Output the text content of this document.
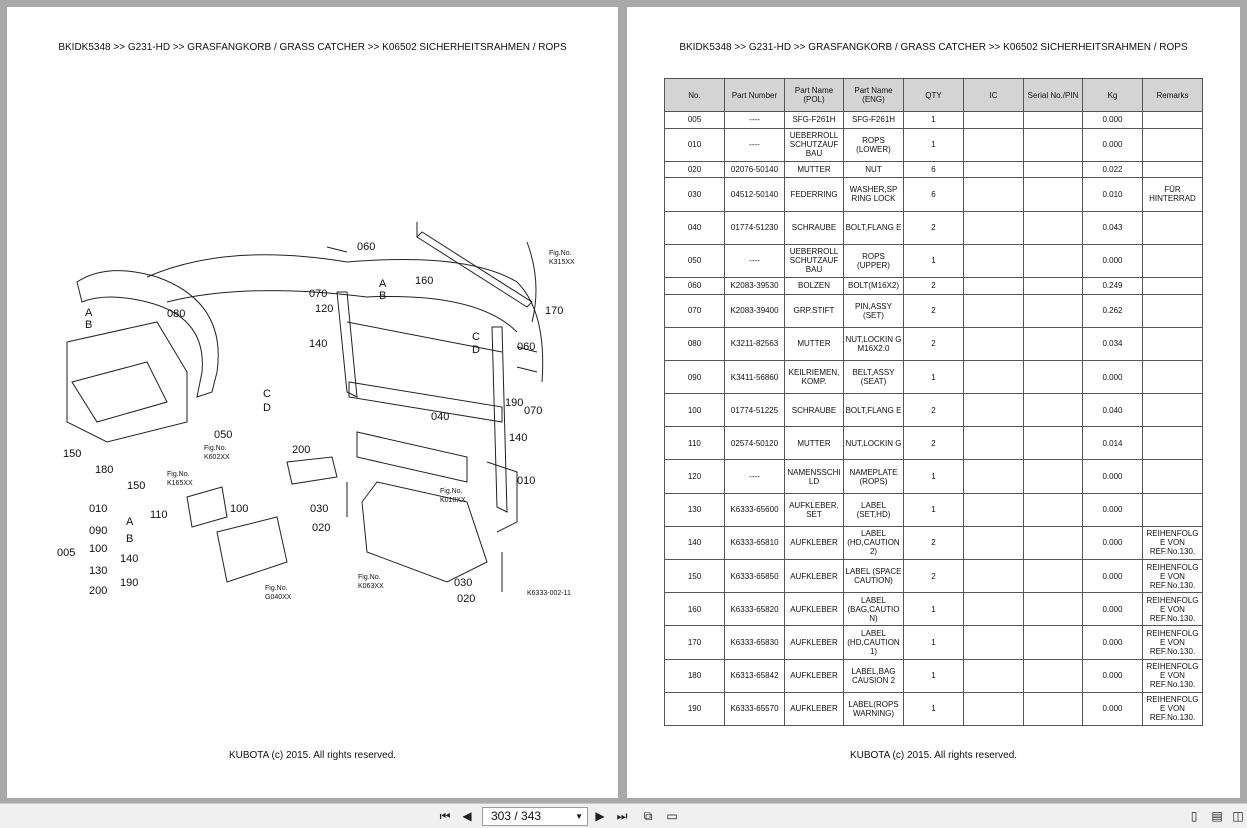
BKIDK5348 >> G231-HD >> GRASFANGKORB / GRASS CATCHER >> K06502 SICHERHEITSRAHMEN / ROPS
060
070
080	120
140
160
170
050
150
180
190
040
200
010
030
020
110	100
060
070
140
030
020
150
Fig.No.
K315XX
Fig.No.
K602XX
Fig.No.
K165XX
Fig.No.
K010XX
Fig.No.
K063XX
Fig.No.
G040XX
A
B
A
B
C
D
C
D
010
090
100
130
200
005	140
190
A
B
K6333-002-11
KUBOTA (c) 2015. All rights reserved.
BKIDK5348 >> G231-HD >> GRASFANGKORB / GRASS CATCHER >> K06502 SICHERHEITSRAHMEN / ROPS
No.	Part Number	Part Name (POL)	Part Name (ENG)	QTY	IC	Serial No./PIN	Kg	Remarks
005	----	SFG-F261H	SFG-F261H	1			0.000	
010	----	UEBERROLL SCHUTZAUF BAU	ROPS (LOWER)	1			0.000	
020	02076-50140	MUTTER	NUT	6			0.022	
030	04512-50140	FEDERRING	WASHER,SP RING LOCK	6			0.010	FÜR HINTERRAD
040	01774-51230	SCHRAUBE	BOLT,FLANG E	2			0.043	
050	----	UEBERROLL SCHUTZAUF BAU	ROPS (UPPER)	1			0.000	
060	K2083-39530	BOLZEN	BOLT(M16X2)	2			0.249	
070	K2083-39400	GRP.STIFT	PIN,ASSY (SET)	2			0.262	
080	K3211-82563	MUTTER	NUT,LOCKIN G M16X2.0	2			0.034	
090	K3411-56860	KEILRIEMEN, KOMP.	BELT,ASSY (SEAT)	1			0.000	
100	01774-51225	SCHRAUBE	BOLT,FLANG E	2			0.040	
110	02574-50120	MUTTER	NUT,LOCKIN G	2			0.014	
120	----	NAMENSSCHI LD	NAMEPLATE (ROPS)	1			0.000	
130	K6333-65600	AUFKLEBER, SET	LABEL (SET,HD)	1			0.000	
140	K6333-65810	AUFKLEBER	LABEL (HD,CAUTION 2)	2			0.000	REIHENFOLG E VON REF.No.130.
150	K6333-65850	AUFKLEBER	LABEL (SPACE CAUTION)	2			0.000	REIHENFOLG E VON REF.No.130.
160	K6333-65820	AUFKLEBER	LABEL (BAG,CAUTIO N)	1			0.000	REIHENFOLG E VON REF.No.130.
170	K6333-65830	AUFKLEBER	LABEL (HD,CAUTION 1)	1			0.000	REIHENFOLG E VON REF.No.130.
180	K6313-65842	AUFKLEBER	LABEL,BAG CAUSION 2	1			0.000	REIHENFOLG E VON REF.No.130.
190	K6333-65570	AUFKLEBER	LABEL(ROPS WARNING)	1			0.000	REIHENFOLG E VON REF.No.130.
KUBOTA (c) 2015. All rights reserved.
⏮ ◀	303 / 343	▼ ▶ ⏭	⧉	▭	▯	▤ ◫
